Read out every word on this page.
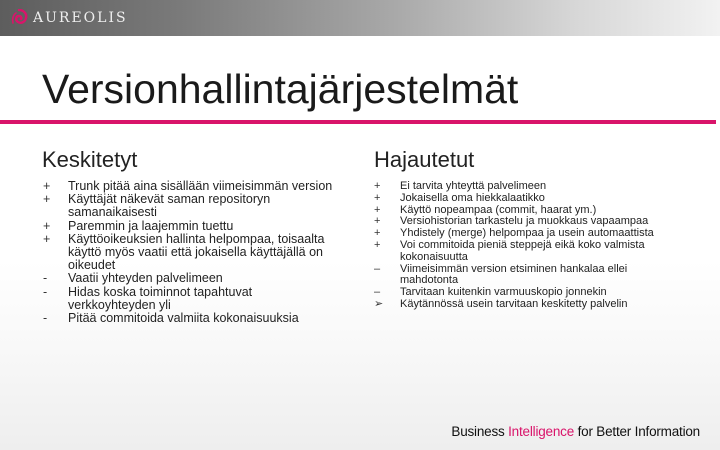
AUREOLIS
Versionhallintajärjestelmät
Keskitetyt
+	Trunk pitää aina sisällään viimeisimmän version
+	Käyttäjät näkevät saman repositoryn samanaikaisesti
+	Paremmin ja laajemmin tuettu
+	Käyttöoikeuksien hallinta helpompaa, toisaalta käyttö myös vaatii että jokaisella käyttäjällä on oikeudet
-	Vaatii yhteyden palvelimeen
-	Hidas koska toiminnot tapahtuvat verkkoyhteyden yli
-	Pitää commitoida valmiita kokonaisuuksia
Hajautetut
+	Ei tarvita yhteyttä palvelimeen
+	Jokaisella oma hiekkalaatikko
+	Käyttö nopeampaa (commit, haarat ym.)
+	Versiohistorian tarkastelu ja muokkaus vapaampaa
+	Yhdistely (merge) helpompaa ja usein automaattista
+	Voi commitoida pieniä steppejä eikä koko valmista kokonaisuutta
–	Viimeisimmän version etsiminen hankalaa ellei mahdotonta
–	Tarvitaan kuitenkin varmuuskopio jonnekin
➢	Käytännössä usein tarvitaan keskitetty palvelin
Business Intelligence for Better Information
